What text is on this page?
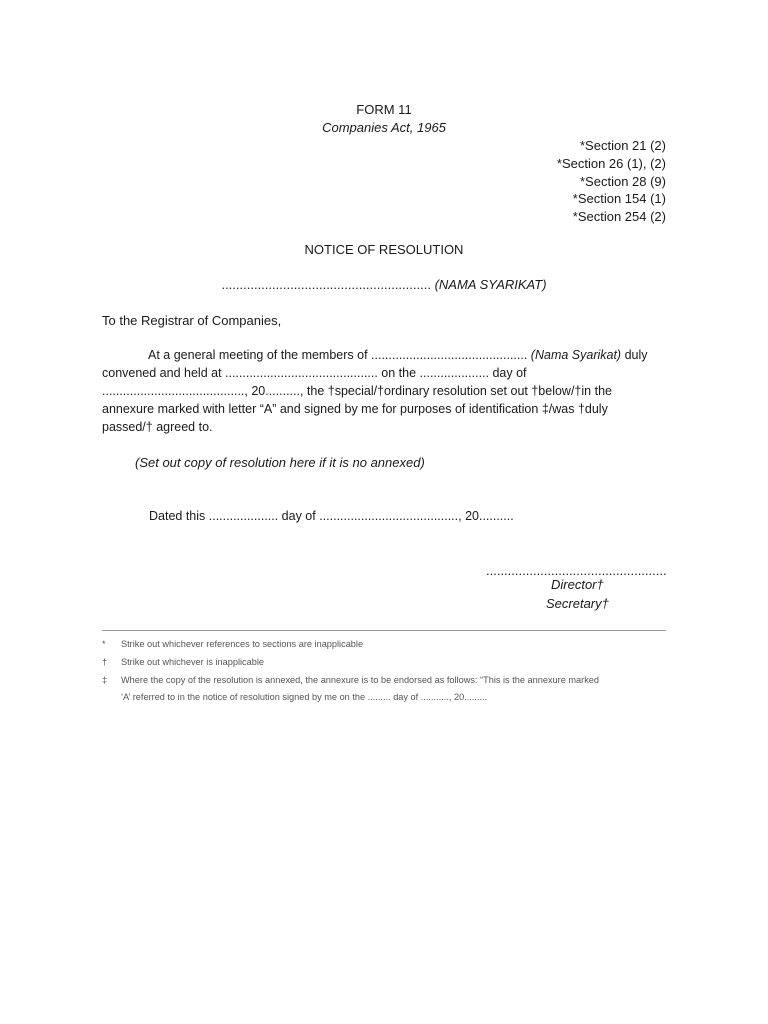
FORM 11
Companies Act, 1965
*Section 21 (2)
*Section 26 (1), (2)
*Section 28 (9)
*Section 154 (1)
*Section 254 (2)
NOTICE OF RESOLUTION
.......................................................... (NAMA SYARIKAT)
To the Registrar of Companies,
At a general meeting of the members of ............................................. (Nama Syarikat) duly
convened and held at ............................................ on the .................... day of
........................................., 20.........., the †special/†ordinary resolution set out †below/†in the
annexure marked with letter “A” and signed by me for purposes of identification ‡/was †duly
passed/† agreed to.
(Set out copy of resolution here if it is no annexed)
Dated this .................... day of ........................................, 20..........
..................................................
Director†
Secretary†
* Strike out whichever references to sections are inapplicable
† Strike out whichever is inapplicable
‡ Where the copy of the resolution is annexed, the annexure is to be endorsed as follows: “This is the annexure marked
‘A’ referred to in the notice of resolution signed by me on the ......... day of ..........., 20.........
